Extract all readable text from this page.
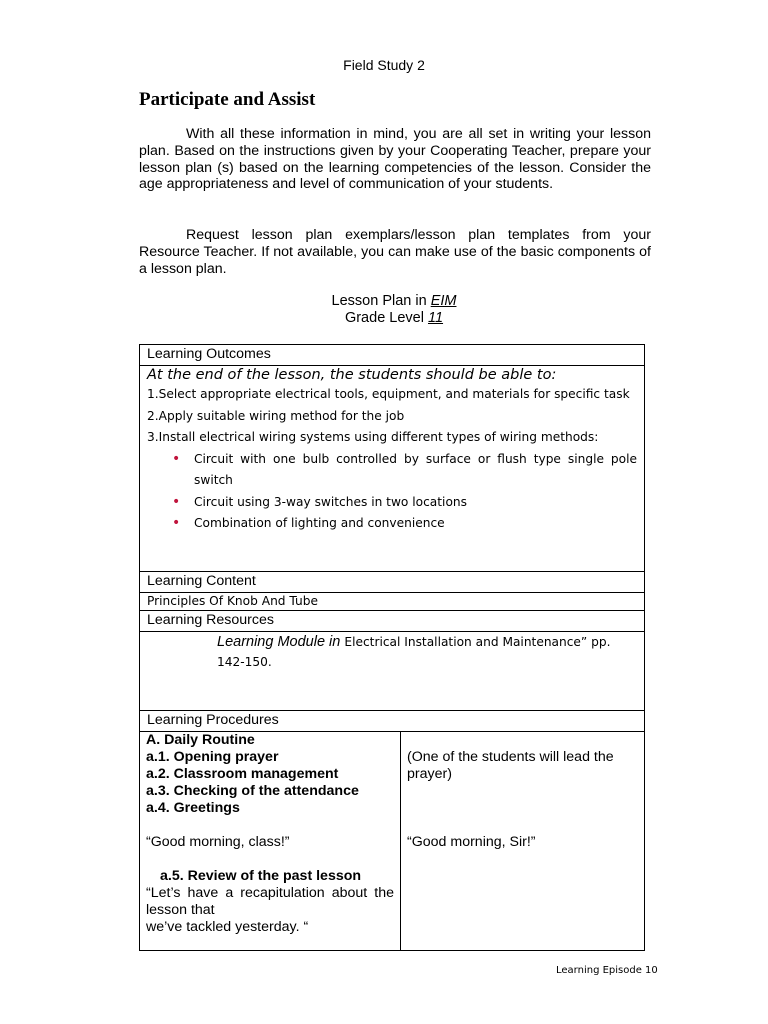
Field Study 2
Participate and Assist

With all these information in mind, you are all set in writing your lesson plan. Based on the instructions given by your Cooperating Teacher, prepare your lesson plan (s) based on the learning competencies of the lesson. Consider the age appropriateness and level of communication of your students.

Request lesson plan exemplars/lesson plan templates from your Resource Teacher. If not available, you can make use of the basic components of a lesson plan.

Lesson Plan in EIM
Grade Level 11
Learning Outcomes
At the end of the lesson, the students should be able to:
1.Select appropriate electrical tools, equipment, and materials for specific task
2.Apply suitable wiring method for the job
3.Install electrical wiring systems using different types of wiring methods:
• Circuit with one bulb controlled by surface or flush type single pole switch
• Circuit using 3-way switches in two locations
• Combination of lighting and convenience
Learning Content
Principles Of Knob And Tube
Learning Resources
Learning Module in Electrical Installation and Maintenance” pp.
142-150.
Learning Procedures
A. Daily Routine
a.1. Opening prayer
a.2. Classroom management
a.3. Checking of the attendance
a.4. Greetings
“Good morning, class!”
a.5. Review of the past lesson
“Let’s have a recapitulation about the lesson that
we’ve tackled yesterday. “
(One of the students will lead the prayer)
“Good morning, Sir!”
Learning Episode 10
